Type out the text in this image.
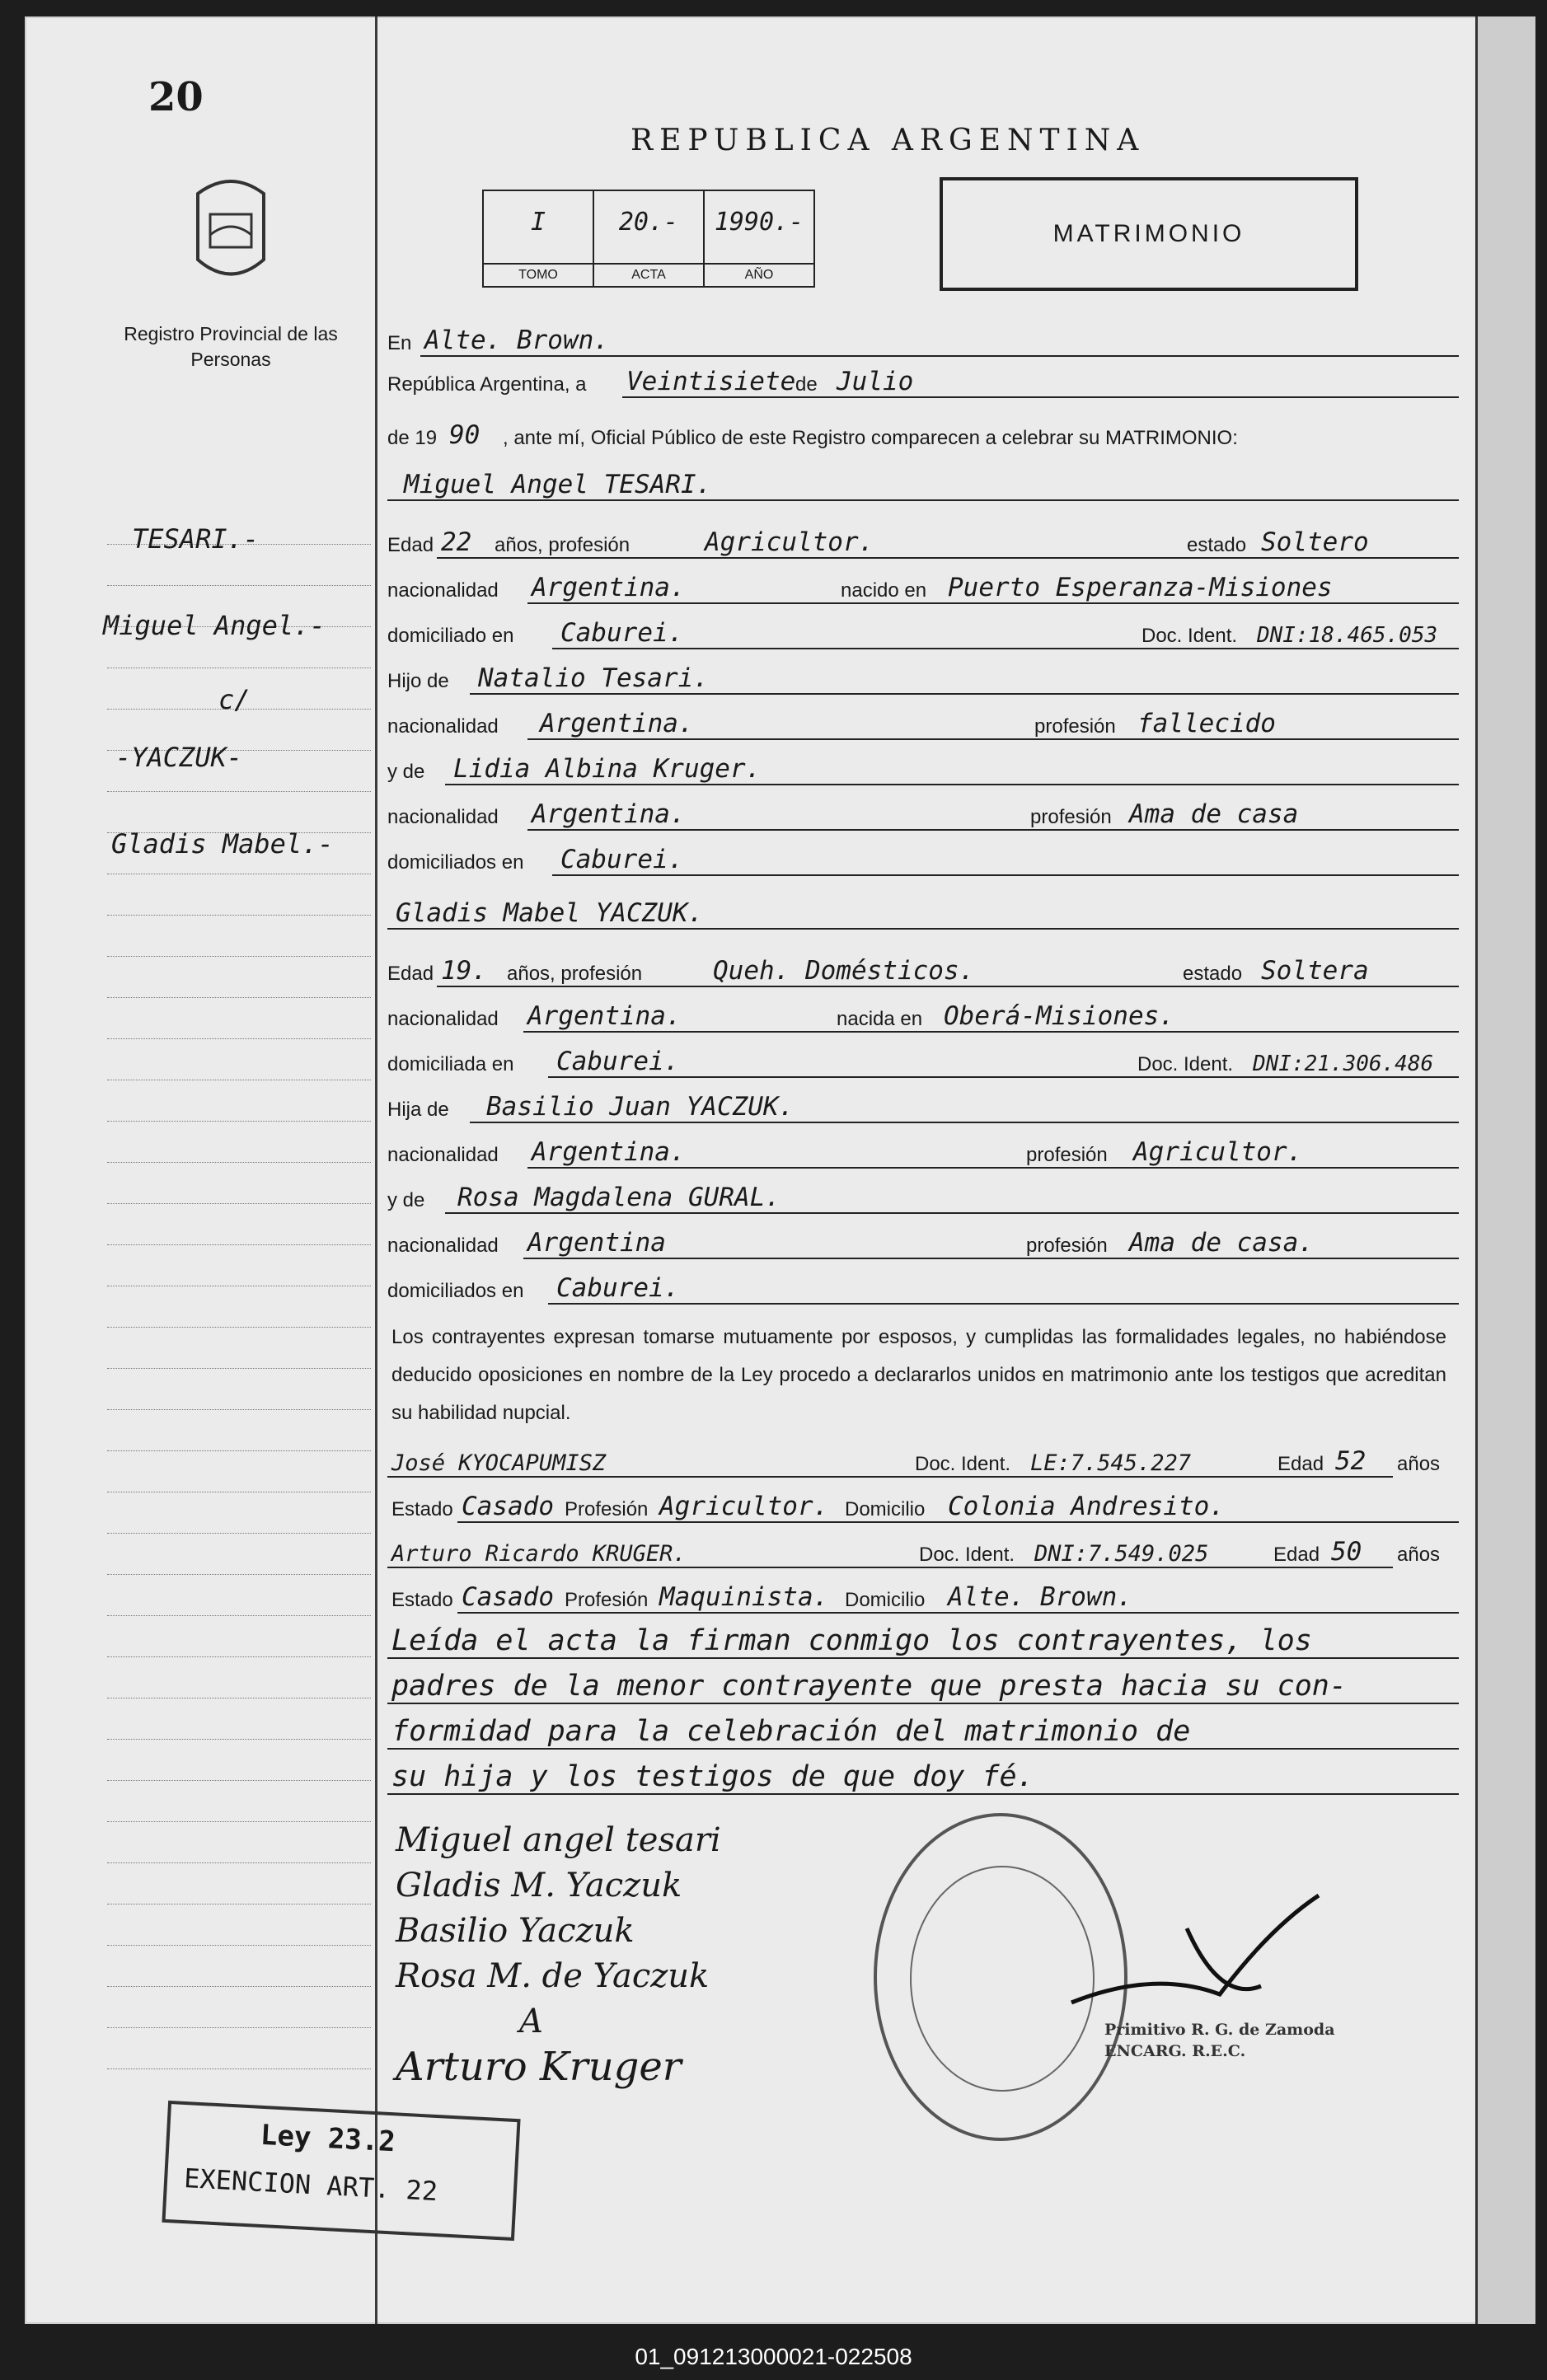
20
Registro Provincial de las Personas
TESARI.-
Miguel Angel.-
c/
-YACZUK-
Gladis Mabel.-
REPUBLICA ARGENTINA
I
TOMO
20.-
ACTA
1990.-
AÑO
MATRIMONIO
En Alte. Brown.
República Argentina, a Veintisiete de Julio
de 19 90 , ante mí, Oficial Público de este Registro comparecen a celebrar su MATRIMONIO:
Miguel Angel TESARI.
Edad 22 años, profesión	Agricultor.	estado Soltero
nacionalidad Argentina.	nacido en Puerto Esperanza-Misiones
domiciliado en Caburei.	Doc. Ident. DNI:18.465.053
Hijo de Natalio Tesari.
nacionalidad Argentina.	profesión fallecido
y de Lidia Albina Kruger.
nacionalidad Argentina.	profesión Ama de casa
domiciliados en Caburei.
Gladis Mabel YACZUK.
Edad 19. años, profesión	Queh. Domésticos.	estado Soltera
nacionalidad Argentina.	nacida en Oberá-Misiones.
domiciliada en Caburei.	Doc. Ident. DNI:21.306.486
Hija de Basilio Juan YACZUK.
nacionalidad Argentina.	profesión Agricultor.
y de Rosa Magdalena GURAL.
nacionalidad Argentina	profesión Ama de casa.
domiciliados en Caburei.
Los contrayentes expresan tomarse mutuamente por esposos, y cumplidas las formalidades legales, no habiéndose deducido oposiciones en nombre de la Ley procedo a declararlos unidos en matrimonio ante los testigos que acreditan su habilidad nupcial.
José KYOCAPUMISZ	Doc. Ident. LE:7.545.227	Edad 52 años
Estado Casado Profesión Agricultor. Domicilio Colonia Andresito.
Arturo Ricardo KRUGER.	Doc. Ident. DNI:7.549.025	Edad 50 años
Estado Casado Profesión Maquinista. Domicilio Alte. Brown.
Leída el acta la firman conmigo los contrayentes, los
padres de la menor contrayente que presta hacia su con-
formidad para la celebración del matrimonio de
su hija y los testigos de que doy fé.
Miguel angel tesari
Gladis M. Yaczuk
Basilio Yaczuk
Rosa M. de Yaczuk
A
Arturo Kruger
Primitivo R. G. de Zamoda
ENCARG. R.E.C.
Ley 23.2
EXENCION ART. 22
01_091213000021-022508
